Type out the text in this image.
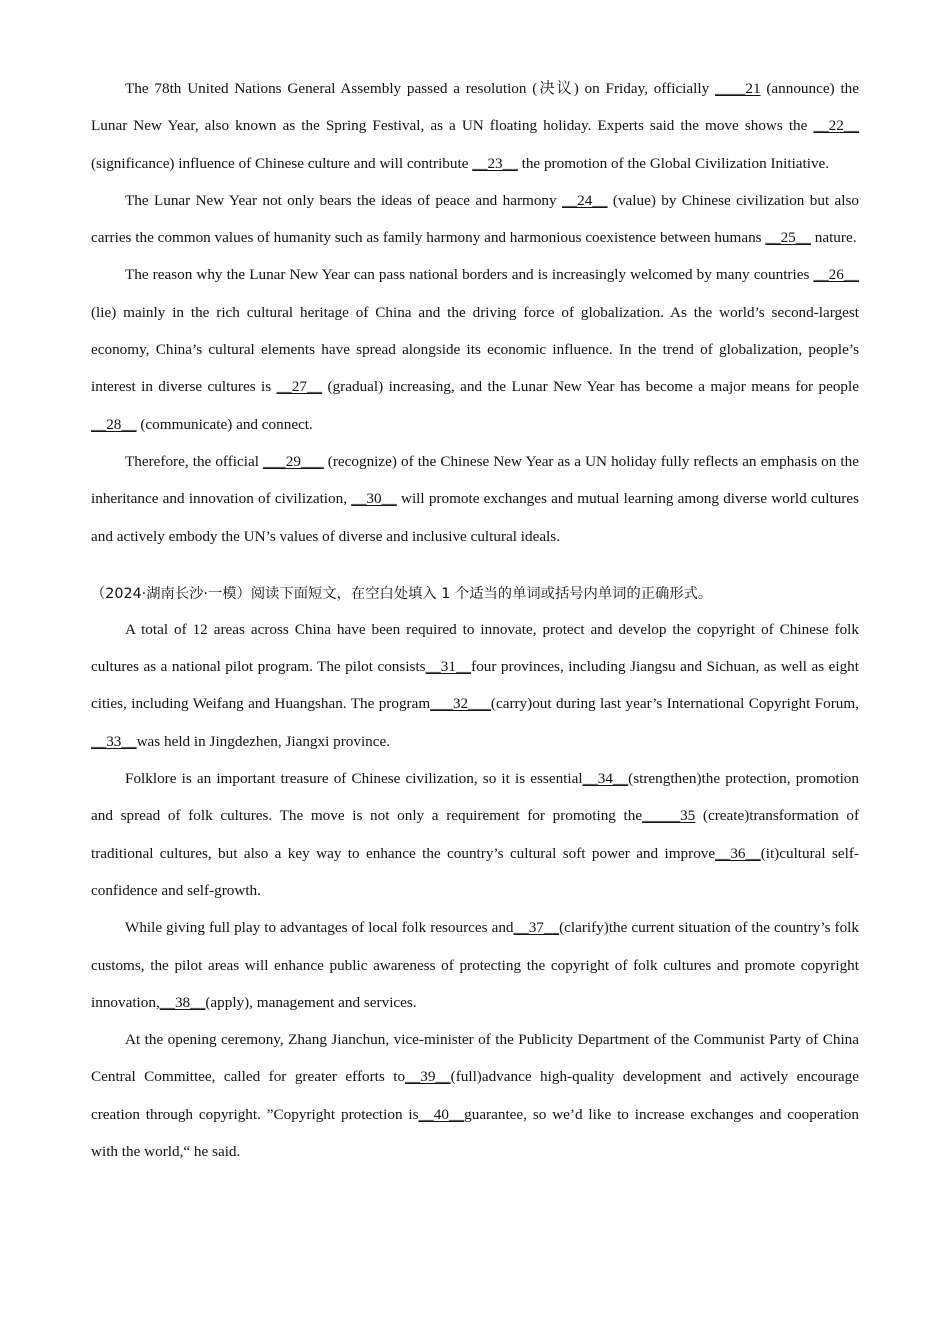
The 78th United Nations General Assembly passed a resolution (决议) on Friday, officially ____21 (announce) the Lunar New Year, also known as the Spring Festival, as a UN floating holiday. Experts said the move shows the __22__ (significance) influence of Chinese culture and will contribute __23__ the promotion of the Global Civilization Initiative.

The Lunar New Year not only bears the ideas of peace and harmony __24__ (value) by Chinese civilization but also carries the common values of humanity such as family harmony and harmonious coexistence between humans __25__ nature.

The reason why the Lunar New Year can pass national borders and is increasingly welcomed by many countries __26__ (lie) mainly in the rich cultural heritage of China and the driving force of globalization. As the world’s second-largest economy, China’s cultural elements have spread alongside its economic influence. In the trend of globalization, people’s interest in diverse cultures is __27__ (gradual) increasing, and the Lunar New Year has become a major means for people __28__ (communicate) and connect.

Therefore, the official ___29___ (recognize) of the Chinese New Year as a UN holiday fully reflects an emphasis on the inheritance and innovation of civilization, __30__ will promote exchanges and mutual learning among diverse world cultures and actively embody the UN’s values of diverse and inclusive cultural ideals.

（2024·湖南长沙·一模）阅读下面短文，在空白处填入 1 个适当的单词或括号内单词的正确形式。

A total of 12 areas across China have been required to innovate, protect and develop the copyright of Chinese folk cultures as a national pilot program. The pilot consists__31__four provinces, including Jiangsu and Sichuan, as well as eight cities, including Weifang and Huangshan. The program___32___(carry)out during last year’s International Copyright Forum, __33__was held in Jingdezhen, Jiangxi province.

Folklore is an important treasure of Chinese civilization, so it is essential__34__(strengthen)the protection, promotion and spread of folk cultures. The move is not only a requirement for promoting the_____35 (create)transformation of traditional cultures, but also a key way to enhance the country’s cultural soft power and improve__36__(it)cultural self-confidence and self-growth.

While giving full play to advantages of local folk resources and__37__(clarify)the current situation of the country’s folk customs, the pilot areas will enhance public awareness of protecting the copyright of folk cultures and promote copyright innovation,__38__(apply), management and services.

At the opening ceremony, Zhang Jianchun, vice-minister of the Publicity Department of the Communist Party of China Central Committee, called for greater efforts to__39__(full)advance high-quality development and actively encourage creation through copyright. ”Copyright protection is__40__guarantee, so we’d like to increase exchanges and cooperation with the world,“ he said.
